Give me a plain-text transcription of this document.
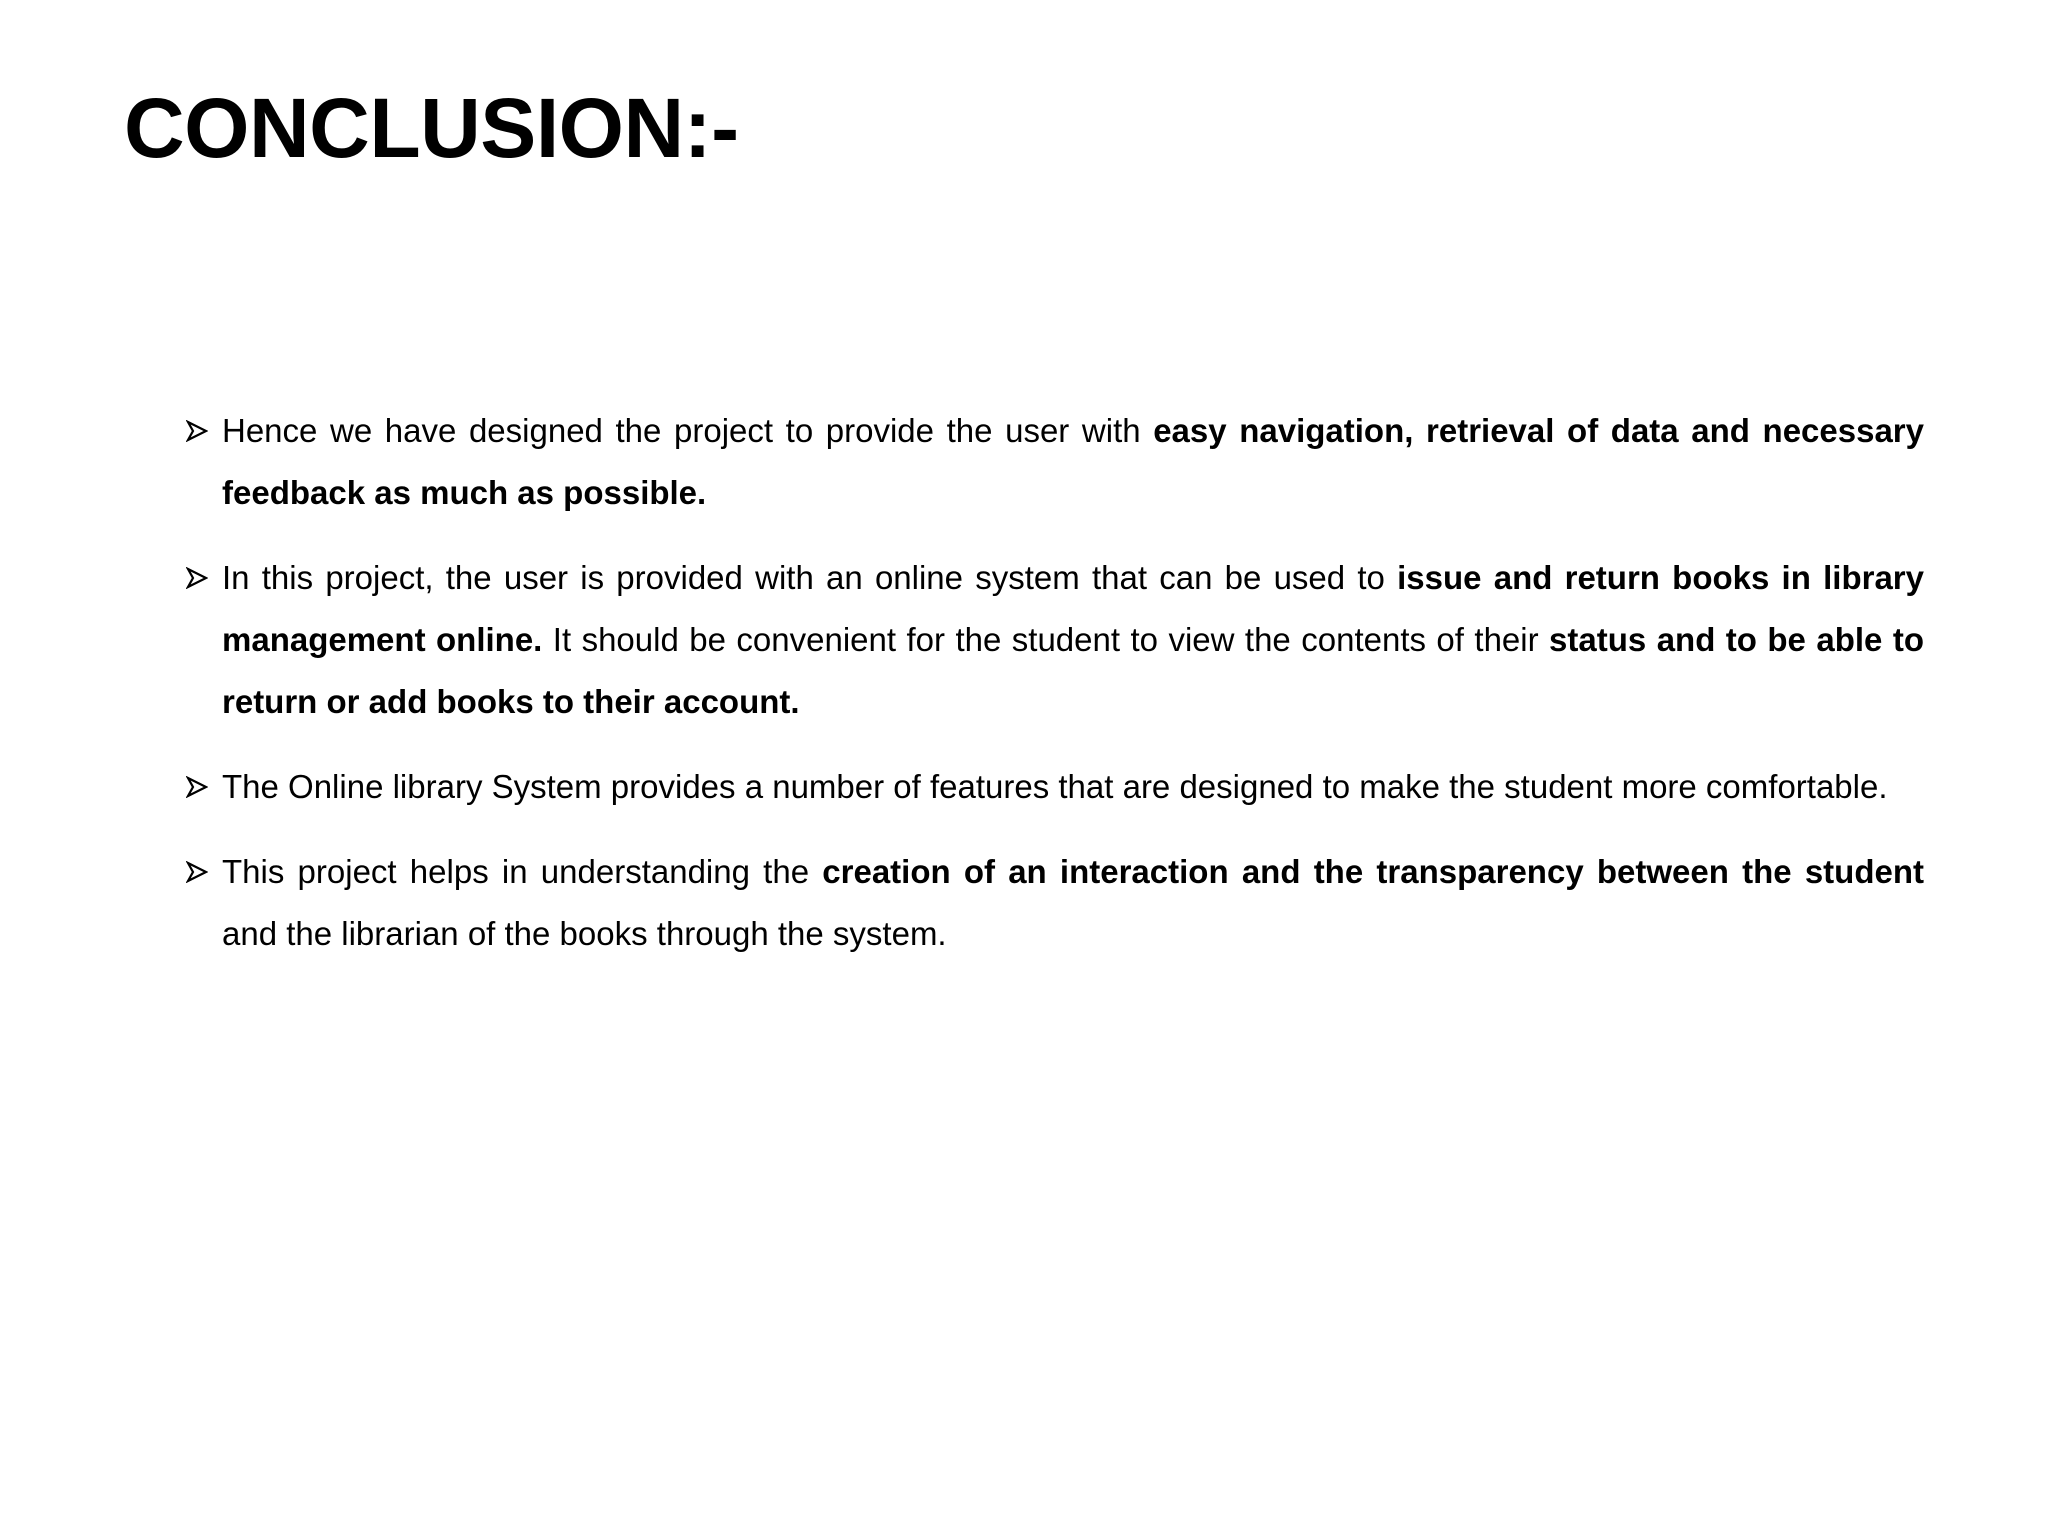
CONCLUSION:-
Hence we have designed the project to provide the user with easy navigation, retrieval of data and necessary feedback as much as possible.
In this project, the user is provided with an online system that can be used to issue and return books in library management online. It should be convenient for the student to view the contents of their status and to be able to return or add books to their account.
The Online library System provides a number of features that are designed to make the student more comfortable.
This project helps in understanding the creation of an interaction and the transparency between the student and the librarian of the books through the system.
